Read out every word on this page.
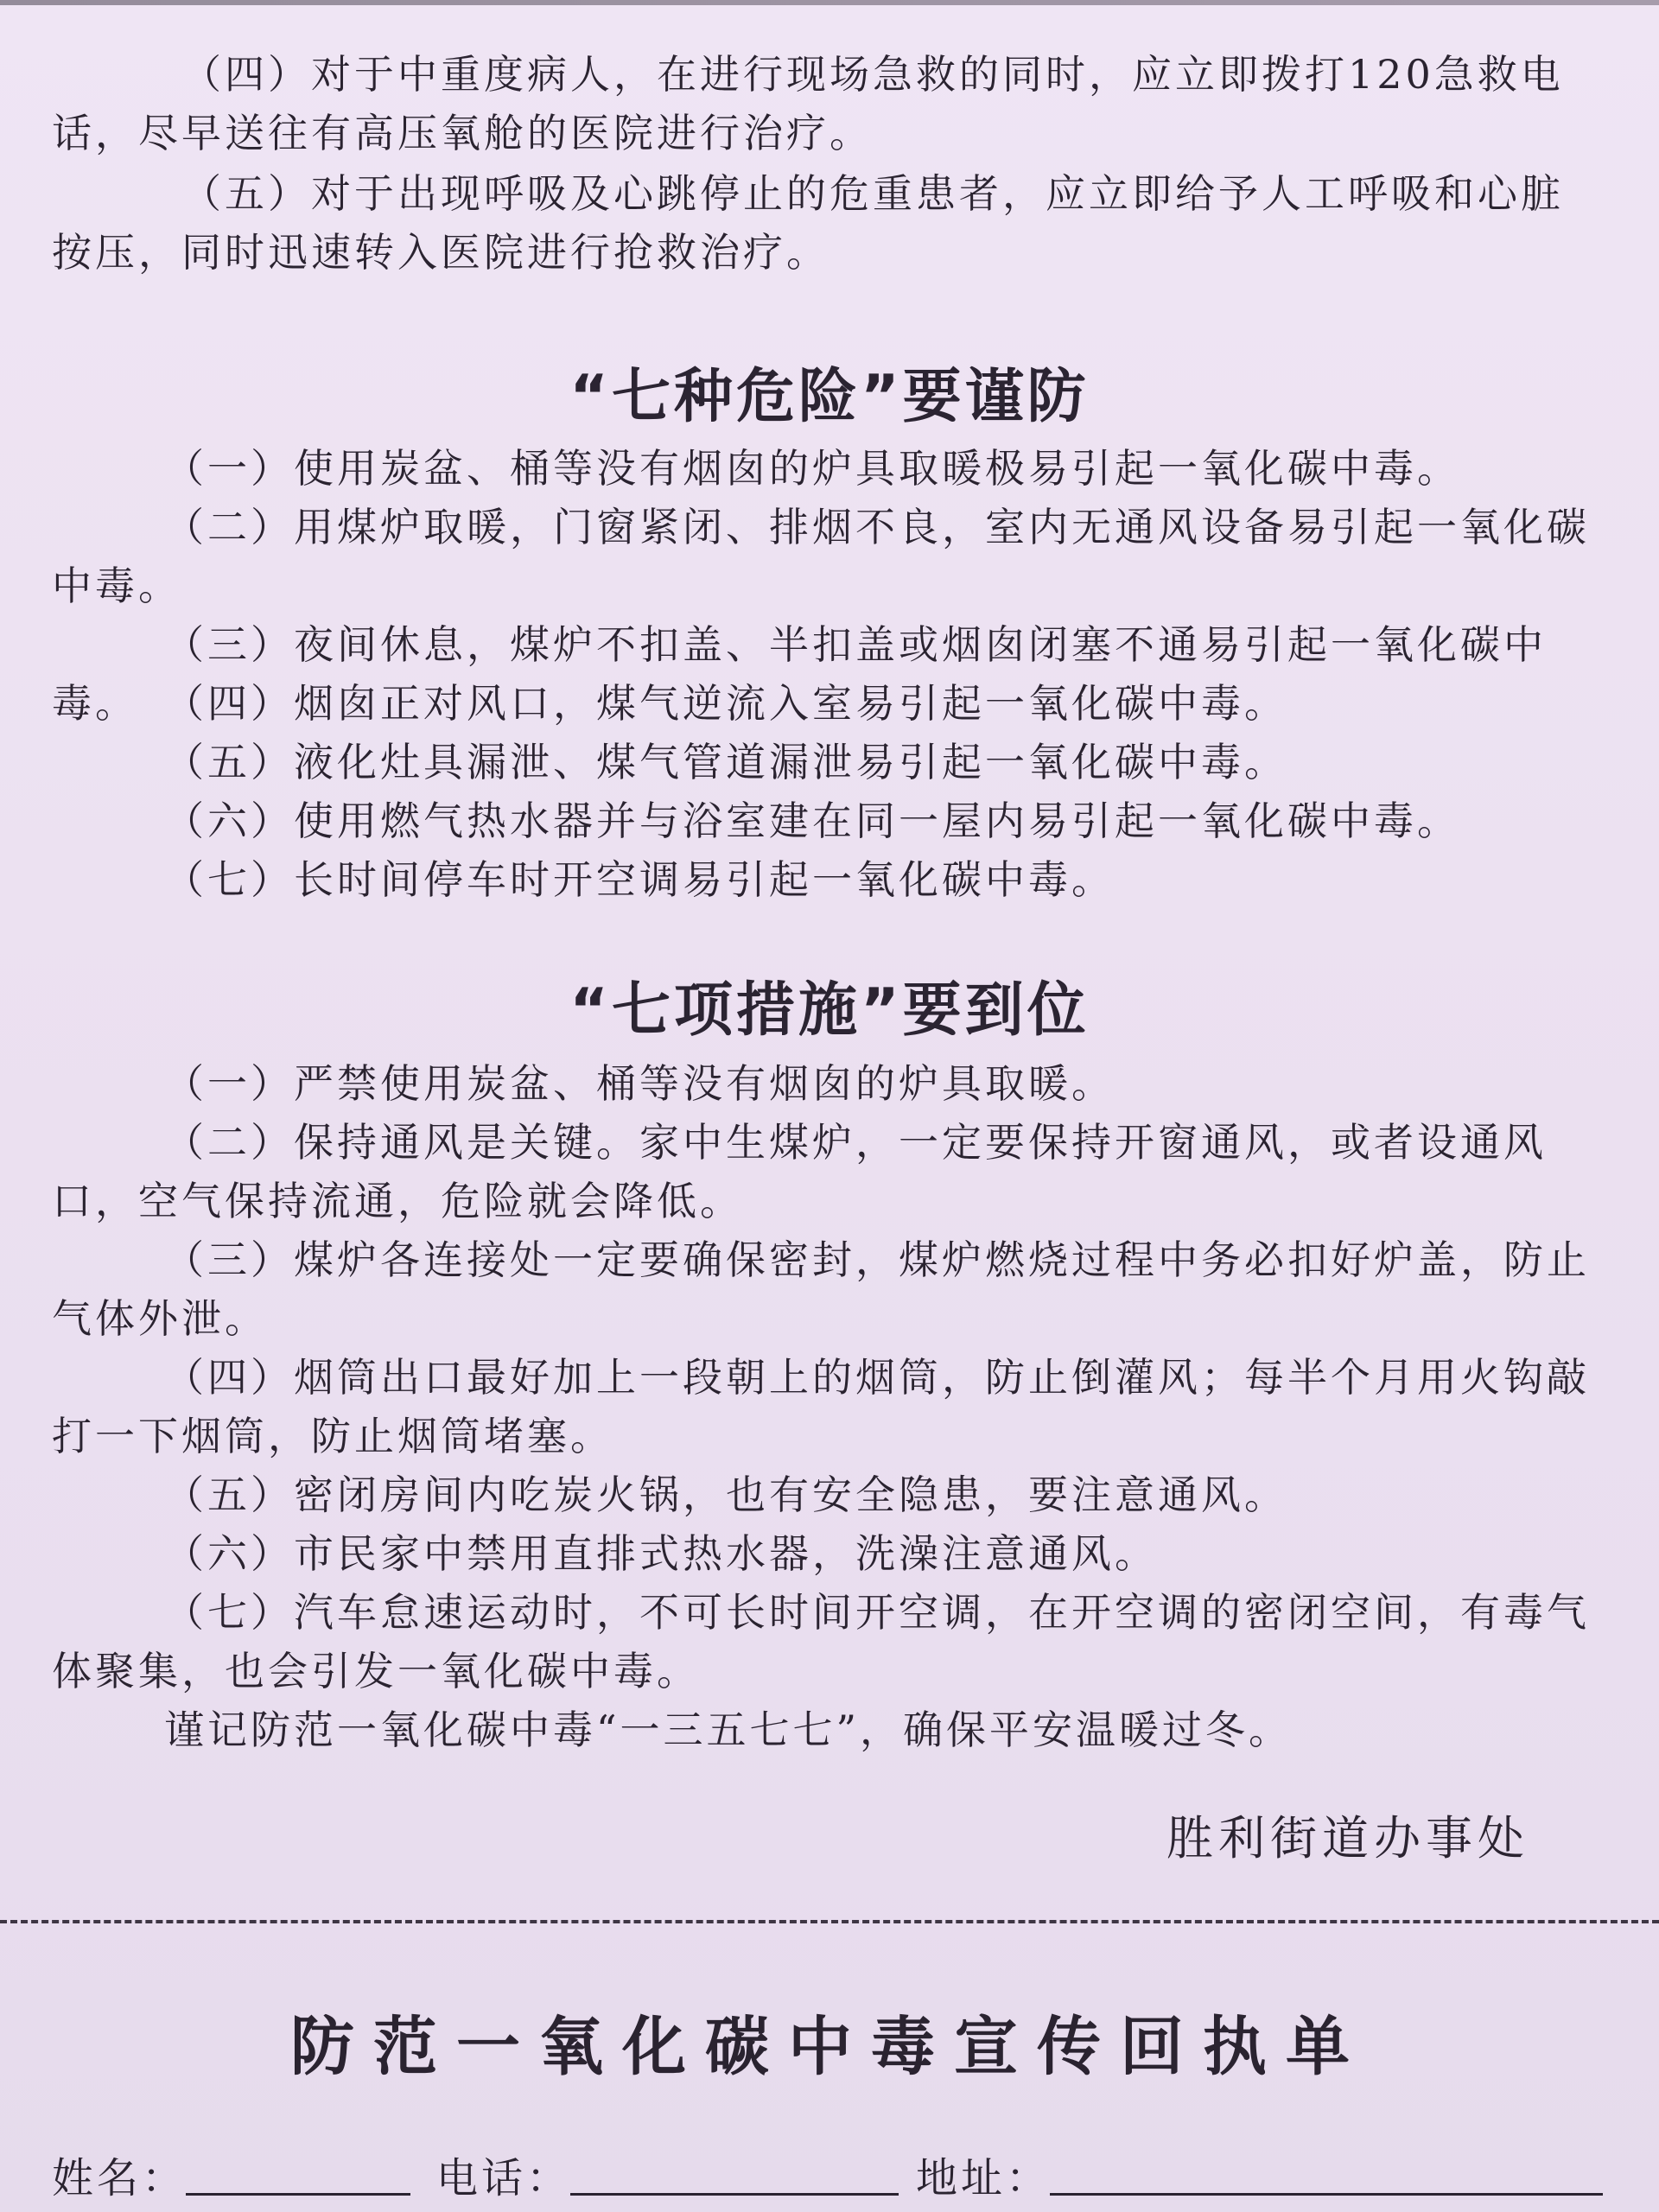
（四）对于中重度病人，在进行现场急救的同时，应立即拨打120急救电话，尽早送往有高压氧舱的医院进行治疗。

（五）对于出现呼吸及心跳停止的危重患者，应立即给予人工呼吸和心脏按压，同时迅速转入医院进行抢救治疗。

“七种危险”要谨防

（一）使用炭盆、桶等没有烟囱的炉具取暖极易引起一氧化碳中毒。

（二）用煤炉取暖，门窗紧闭、排烟不良，室内无通风设备易引起一氧化碳中毒。

（三）夜间休息，煤炉不扣盖、半扣盖或烟囱闭塞不通易引起一氧化碳中毒。 （四）烟囱正对风口，煤气逆流入室易引起一氧化碳中毒。

（五）液化灶具漏泄、煤气管道漏泄易引起一氧化碳中毒。

（六）使用燃气热水器并与浴室建在同一屋内易引起一氧化碳中毒。

（七）长时间停车时开空调易引起一氧化碳中毒。

“七项措施”要到位

（一）严禁使用炭盆、桶等没有烟囱的炉具取暖。

（二）保持通风是关键。家中生煤炉，一定要保持开窗通风，或者设通风口，空气保持流通，危险就会降低。

（三）煤炉各连接处一定要确保密封，煤炉燃烧过程中务必扣好炉盖，防止气体外泄。

（四）烟筒出口最好加上一段朝上的烟筒，防止倒灌风；每半个月用火钩敲打一下烟筒，防止烟筒堵塞。

（五）密闭房间内吃炭火锅，也有安全隐患，要注意通风。

（六）市民家中禁用直排式热水器，洗澡注意通风。

（七）汽车怠速运动时，不可长时间开空调，在开空调的密闭空间，有毒气体聚集，也会引发一氧化碳中毒。

谨记防范一氧化碳中毒“一三五七七”，确保平安温暖过冬。

胜利街道办事处

防范一氧化碳中毒宣传回执单
姓名：	电话：	地址：
